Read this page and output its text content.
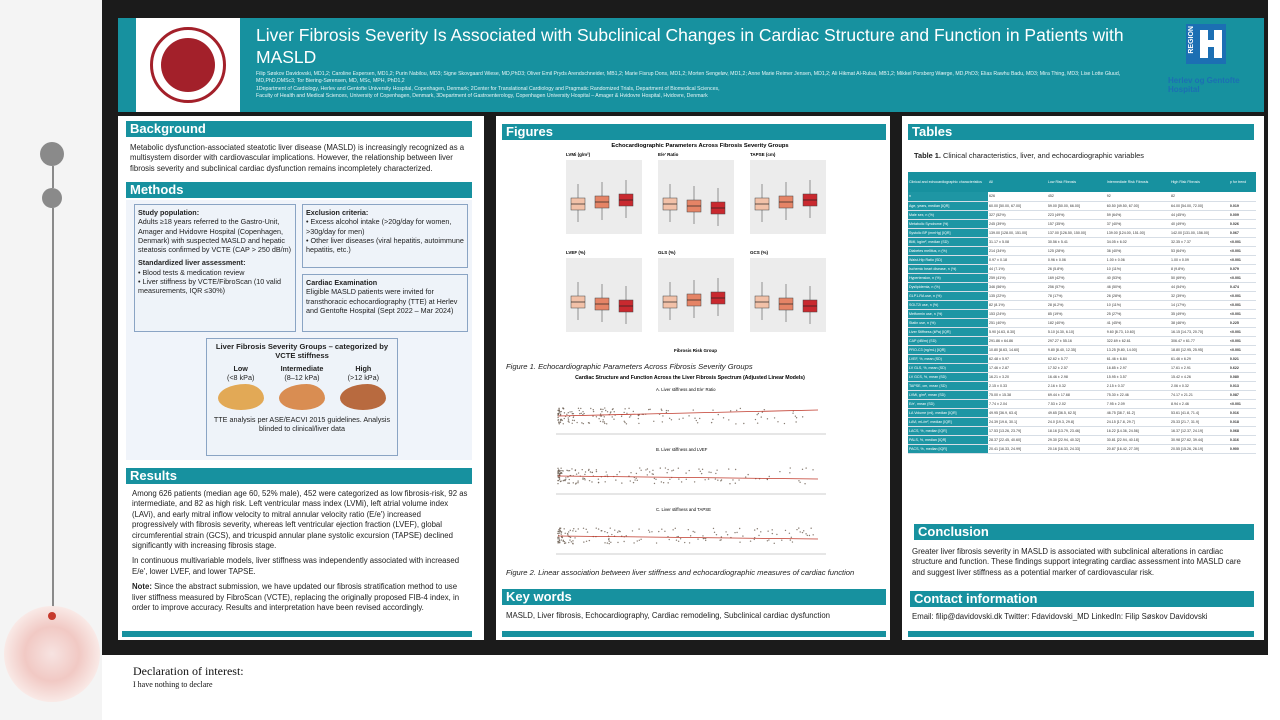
Liver Fibrosis Severity Is Associated with Subclinical Changes in Cardiac Structure and Function in Patients with MASLD
Filip Søskov Davidovski, MD1,2; Caroline Espersen, MD1,2; Purin Nabilou, MD3; Signe Skovgaard Wiese, MD,PhD3; Oliver Emil Pryds Arendschneider, MB1,2; Marie Fisrup Dons, MD1,2; Morten Sengeløv, MD1,2; Anne Marie Reimer Jensen, MD1,2; Ali Hikmat Al-Rubai, MB1,2; Mikkel Porsberg Wærge, MD,PhD3; Elias Rawhu Badu, MD3; Mira Thing, MD3; Lise Lotte Gluud, MD,PhD,DMSc3; Tor Biering-Sørensen, MD, MSc, MPH, PhD1,2
1Department of Cardiology, Herlev and Gentofte University Hospital, Copenhagen, Denmark; 2Center for Translational Cardiology and Pragmatic Randomized Trials, Department of Biomedical Sciences,
Faculty of Health and Medical Sciences, University of Copenhagen, Denmark, 3Department of Gastroenterology, Copenhagen University Hospital – Amager & Hvidovre Hospital, Hvidovre, Denmark
REGION
Herlev og Gentofte Hospital
Background
Metabolic dysfunction-associated steatotic liver disease (MASLD) is increasingly recognized as a multisystem disorder with cardiovascular implications. However, the relationship between liver fibrosis severity and subclinical cardiac dysfunction remains incompletely characterized.
Methods
Study population:
Adults ≥18 years referred to the Gastro-Unit, Amager and Hvidovre Hospital (Copenhagen, Denmark) with suspected MASLD and hepatic steatosis confirmed by VCTE (CAP > 250 dB/m)
Standardized liver assessment:
• Blood tests & medication review
• Liver stiffness by VCTE/FibroScan (10 valid measurements, IQR ≤30%)
Exclusion criteria:
• Excess alcohol intake (>20g/day for women, >30g/day for men)
• Other liver diseases (viral hepatitis, autoimmune hepatitis, etc.)
Cardiac Examination
Eligible MASLD patients were invited for transthoracic echocardiography (TTE) at Herlev and Gentofte Hospital (Sept 2022 – Mar 2024)
Liver Fibrosis Severity Groups – categorized by VCTE stiffness
Low
(<8 kPa)
Intermediate
(8–12 kPa)
High
(>12 kPa)
TTE analysis per ASE/EACVI 2015 guidelines. Analysis blinded to clinical/liver data
Results
Among 626 patients (median age 60, 52% male), 452 were categorized as low fibrosis-risk, 92 as intermediate, and 82 as high risk. Left ventricular mass index (LVMi), left atrial volume index (LAVi), and early mitral inflow velocity to mitral annular velocity ratio (E/e') increased progressively with fibrosis severity, whereas left ventricular ejection fraction (LVEF), global circumferential strain (GCS), and tricuspid annular plane systolic excursion (TAPSE) declined significantly with increasing fibrosis stage.
In continuous multivariable models, liver stiffness was independently associated with increased E/e', lower LVEF, and lower TAPSE.
Note: Since the abstract submission, we have updated our fibrosis stratification method to use liver stiffness measured by FibroScan (VCTE), replacing the originally proposed FIB-4 index, in order to improve accuracy. Results and interpretation have been revised accordingly.
Figures
Echocardiographic Parameters Across Fibrosis Severity Groups
LVMi (g/m²)	E/e' Ratio	TAPSE (cm)
LVEF (%)	GLS (%)	GCS (%)
Fibrosis Risk Group
Figure 1. Echocardiographic Parameters Across Fibrosis Severity Groups
Cardiac Structure and Function Across the Liver Fibrosis Spectrum (Adjusted Linear Models)
A. Liver stiffness and E/e' Ratio
B. Liver stiffness and LVEF
C. Liver stiffness and TAPSE
Figure 2. Linear association between liver stiffness and echocardiographic measures of cardiac function
Key words
MASLD, Liver fibrosis, Echocardiography, Cardiac remodeling, Subclinical cardiac dysfunction
Tables
Table 1. Clinical characteristics, liver, and echocardiographic variables
Clinical and echocardiographic characteristics	All	Low Risk Fibrosis	Intermediate Risk Fibrosis	High Risk Fibrosis	p for trend
n	626	452	92	82	
Age, years, median [IQR]	60.00 [50.00, 67.00]	59.00 [50.00, 66.00]	60.50 [49.50, 67.00]	64.00 [54.00, 72.00]	0.019
Male sex, n (%)	327 (52%)	223 (49%)	59 (64%)	44 (45%)	0.009
Metabolic Syndrome (%)	245 (39%)	157 (35%)	37 (40%)	40 (49%)	0.026
Systolic BP (mmHg) [IQR]	139.00 [128.00, 151.00]	137.00 [126.50, 150.00]	139.00 [124.00, 151.00]	142.00 [131.00, 156.00]	0.067
BMI, kg/m², median (SD)	31.17 ± 5.08	30.56 ± 5.41	34.05 ± 6.02	32.35 ± 7.37	<0.001
Diabetes mellitus, n (%)	214 (34%)	125 (28%)	36 (40%)	53 (64%)	<0.001
Waist-Hip Ratio (SD)	0.97 ± 0.18	0.96 ± 0.06	1.00 ± 0.06	1.00 ± 0.09	<0.001
Ischemic heart disease, n (%)	44 (7.1%)	26 (5.8%)	10 (11%)	8 (9.8%)	0.079
Hypertension, n (%)	259 (41%)	169 (42%)	40 (53%)	50 (69%)	<0.001
Dyslipidemia, n (%)	346 (56%)	256 (57%)	46 (50%)	44 (54%)	0.474
GLP1-RA use, n (%)	135 (22%)	78 (17%)	26 (28%)	32 (39%)	<0.001
SGLT2i use, n (%)	82 (8.1%)	28 (6.2%)	10 (11%)	14 (17%)	<0.001
Metformin use, n (%)	153 (24%)	85 (19%)	25 (27%)	35 (49%)	<0.001
Statin use, n (%)	251 (40%)	182 (40%)	41 (45%)	38 (46%)	0.225
Liver Stiffness (kPa) [IQR]	5.90 [4.63, 8.30]	5.10 [4.30, 6.10]	9.60 [8.73, 10.60]	16.15 [14.73, 20.70]	<0.001
CAP (dB/m) (SD)	291.86 ± 64.86	297.27 ± 55.16	322.69 ± 62.61	306.47 ± 61.77	<0.001
PRO-C3 (ng/mL) [IQR]	10.80 [8.63, 14.60]	9.80 [8.40, 12.35]	13.25 [9.80, 14.00]	18.80 [12.95, 25.95]	<0.001
LVEF, %, mean (SD)	62.48 ± 5.97	62.62 ± 5.77	61.46 ± 6.84	61.46 ± 6.29	0.021
LV GLS, %, mean (SD)	17.46 ± 2.87	17.52 ± 2.57	16.85 ± 2.97	17.61 ± 2.91	0.622
LV GCS, %, mean (SD)	16.21 ± 3.20	16.46 ± 2.98	15.95 ± 3.57	15.42 ± 4.26	0.080
TAPSE, cm, mean (SD)	2.15 ± 0.33	2.16 ± 0.32	2.15 ± 0.37	2.06 ± 0.32	0.013
LVMi, g/m², mean (SD)	75.00 ± 15.38	69.44 ± 17.68	75.30 ± 22.46	74.17 ± 21.21	0.087
E/e', mean (SD)	7.74 ± 2.04	7.53 ± 2.02	7.95 ± 2.09	8.94 ± 2.46	<0.001
LA Volume (ml), median [IQR]	49.95 [36.9, 63.4]	49.65 [36.5, 62.5]	46.75 [38.7, 61.2]	53.61 [41.8, 71.4]	0.016
LAVi, mL/m², median [IQR]	24.39 [19.6, 30.1]	24.0 [19.3, 29.8]	24.15 [17.8, 29.7]	25.33 [21.7, 31.9]	0.018
LACS, %, median [IQR]	17.53 [13.26, 23.79]	18.16 [13.79, 23.46]	16.22 [14.36, 24.56]	16.37 [12.37, 24.19]	0.068
PALS, %, median [IQR]	28.37 [22.45, 40.60]	29.30 [22.94, 40.32]	30.81 [22.94, 40.18]	30.98 [27.62, 39.44]	0.316
PACS, %, median [IQR]	20.41 [16.33, 24.99]	20.16 [16.33, 24.33]	20.87 [16.42, 27.39]	20.55 [15.26, 26.19]	0.900
Conclusion
Greater liver fibrosis severity in MASLD is associated with subclinical alterations in cardiac structure and function. These findings support integrating cardiac assessment into MASLD care and suggest liver stiffness as a potential marker of cardiovascular risk.
Contact information
Email: filip@davidovski.dk Twitter: Fdavidovski_MD LinkedIn: Filip Søskov Davidovski
Declaration of interest:
I have nothing to declare
